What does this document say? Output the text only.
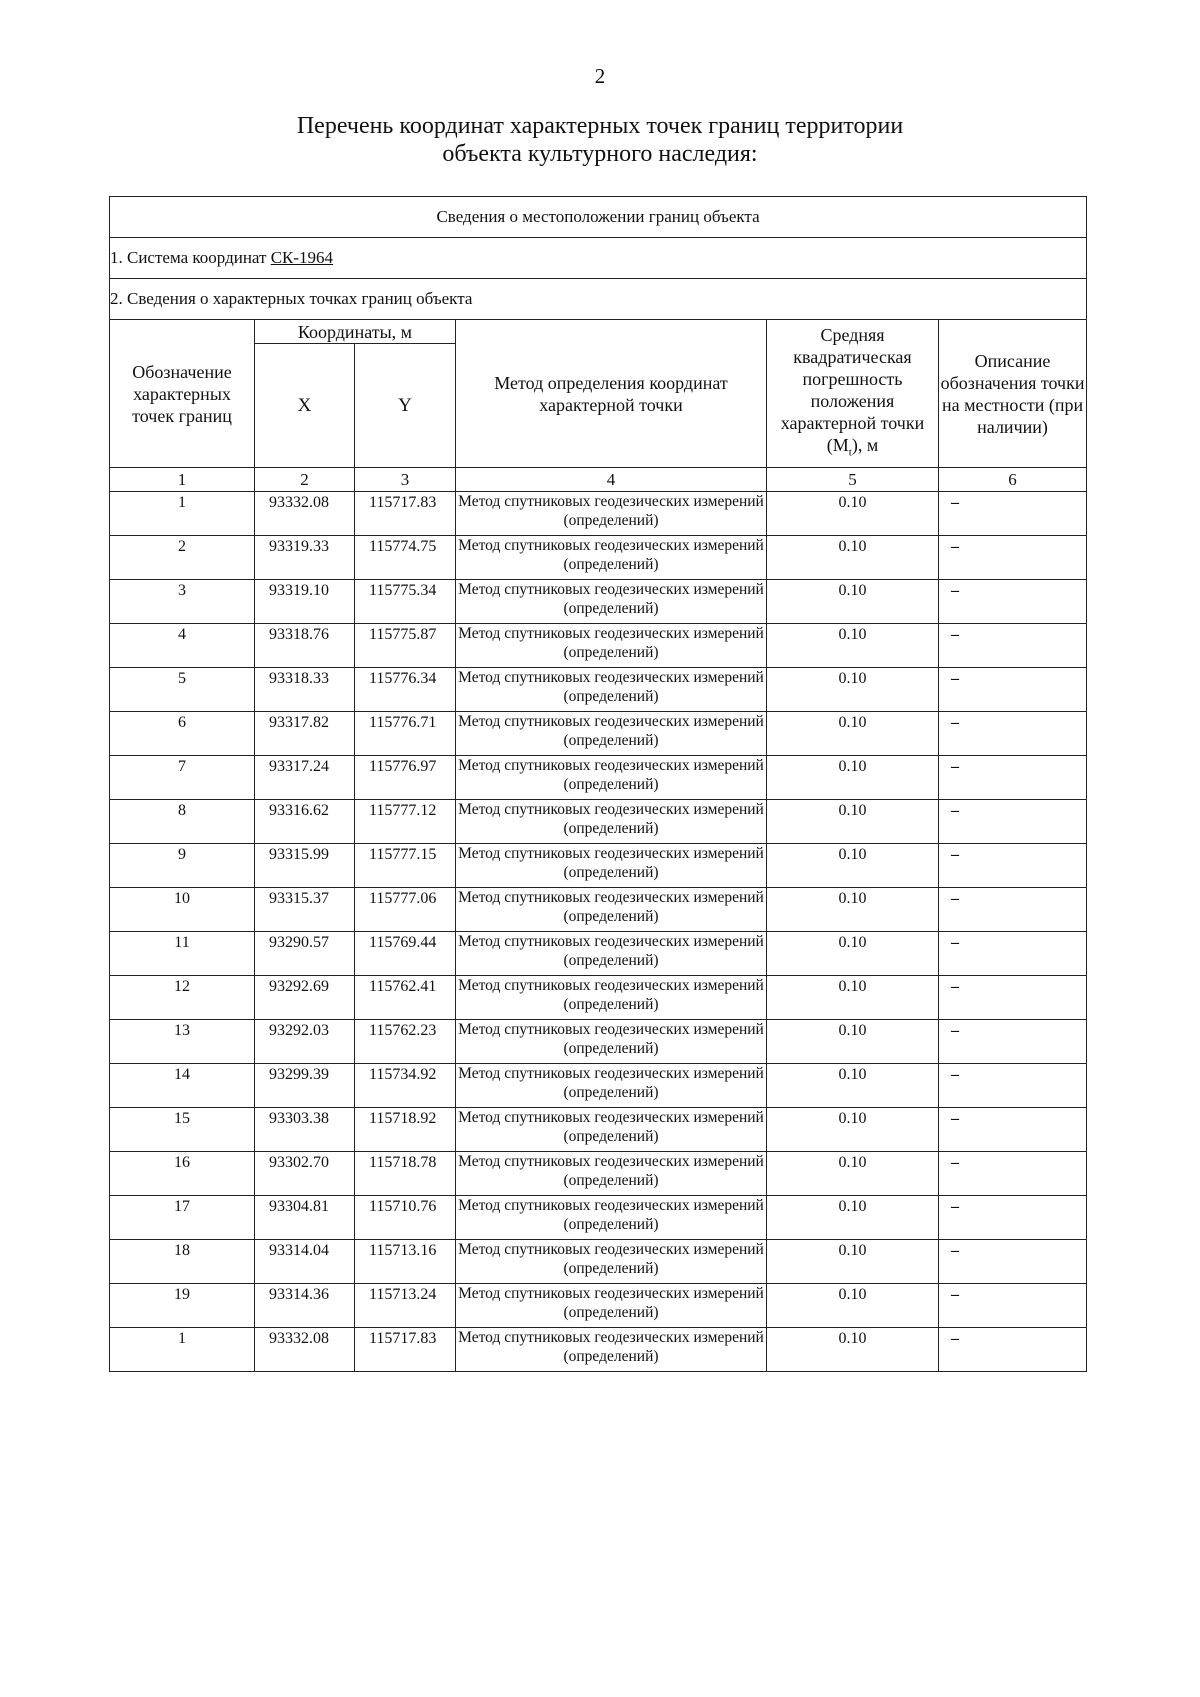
2
Перечень координат характерных точек границ территории
объекта культурного наследия:
Сведения о местоположении границ объекта					
1. Система координат СК-1964					
2. Сведения о характерных точках границ объекта					
Обозначение характерных точек границ	Координаты, м		Метод определения координат характерной точки	Средняя квадратическая погрешность положения характерной точки $(M_t)$, м	Описание обозначения точки на местности (при наличии)
	X	Y			
1	2	3	4	5	6
1	93332.08	115717.83	Метод спутниковых геодезических измерений (определений)	0.10	–
2	93319.33	115774.75	Метод спутниковых геодезических измерений (определений)	0.10	–
3	93319.10	115775.34	Метод спутниковых геодезических измерений (определений)	0.10	–
4	93318.76	115775.87	Метод спутниковых геодезических измерений (определений)	0.10	–
5	93318.33	115776.34	Метод спутниковых геодезических измерений (определений)	0.10	–
6	93317.82	115776.71	Метод спутниковых геодезических измерений (определений)	0.10	–
7	93317.24	115776.97	Метод спутниковых геодезических измерений (определений)	0.10	–
8	93316.62	115777.12	Метод спутниковых геодезических измерений (определений)	0.10	–
9	93315.99	115777.15	Метод спутниковых геодезических измерений (определений)	0.10	–
10	93315.37	115777.06	Метод спутниковых геодезических измерений (определений)	0.10	–
11	93290.57	115769.44	Метод спутниковых геодезических измерений (определений)	0.10	–
12	93292.69	115762.41	Метод спутниковых геодезических измерений (определений)	0.10	–
13	93292.03	115762.23	Метод спутниковых геодезических измерений (определений)	0.10	–
14	93299.39	115734.92	Метод спутниковых геодезических измерений (определений)	0.10	–
15	93303.38	115718.92	Метод спутниковых геодезических измерений (определений)	0.10	–
16	93302.70	115718.78	Метод спутниковых геодезических измерений (определений)	0.10	–
17	93304.81	115710.76	Метод спутниковых геодезических измерений (определений)	0.10	–
18	93314.04	115713.16	Метод спутниковых геодезических измерений (определений)	0.10	–
19	93314.36	115713.24	Метод спутниковых геодезических измерений (определений)	0.10	–
1	93332.08	115717.83	Метод спутниковых геодезических измерений (определений)	0.10	–
